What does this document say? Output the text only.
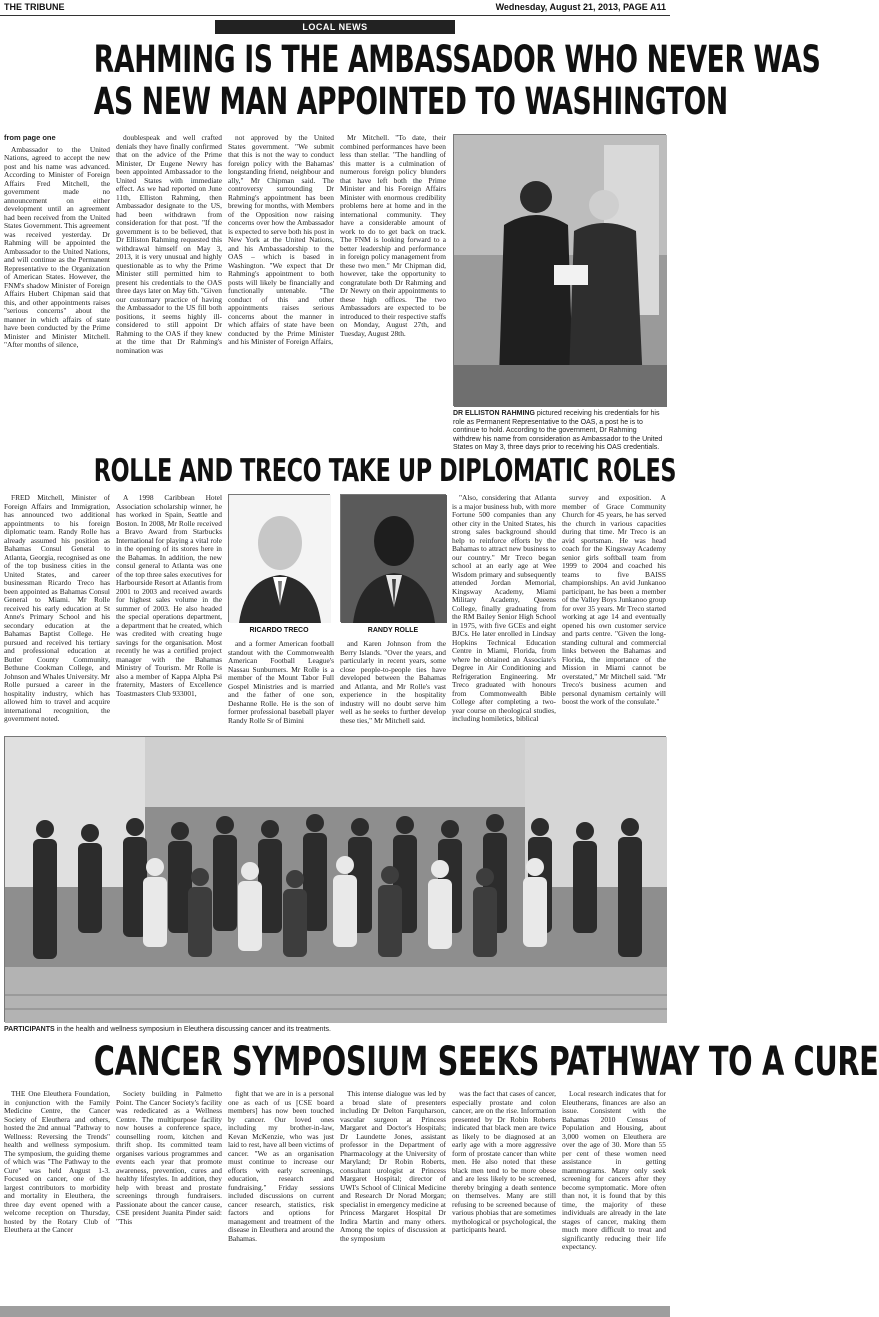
THE TRIBUNE	Wednesday, August 21, 2013, PAGE A11
LOCAL NEWS
RAHMING IS THE AMBASSADOR WHO NEVER WAS
AS NEW MAN APPOINTED TO WASHINGTON

from page one

Ambassador to the United Nations, agreed to accept the new post and his name was advanced. According to Minister of Foreign Affairs Fred Mitchell, the government made no announcement on either development until an agreement had been received from the United States Government. This agreement was received yesterday. Dr Rahming will be appointed the Ambassador to the United Nations, and will continue as the Permanent Representative to the Organization of American States. However, the FNM's shadow Minister of Foreign Affairs Hubert Chipman said that this, and other appointments raises "serious concerns" about the manner in which affairs of state have been conducted by the Prime Minister and Minister Mitchell. "After months of silence,

doublespeak and well crafted denials they have finally confirmed that on the advice of the Prime Minister, Dr Eugene Newry has been appointed Ambassador to the United States with immediate effect. As we had reported on June 11th, Elliston Rahming, then Ambassador designate to the US, had been withdrawn from consideration for that post. "If the government is to be believed, that Dr Elliston Rahming requested this withdrawal himself on May 3, 2013, it is very unusual and highly questionable as to why the Prime Minister still permitted him to present his credentials to the OAS three days later on May 6th. "Given our customary practice of having the Ambassador to the US fill both positions, it seems highly ill-considered to still appoint Dr Rahming to the OAS if they knew at the time that Dr Rahming's nomination was

not approved by the United States government. "We submit that this is not the way to conduct foreign policy with the Bahamas' longstanding friend, neighbour and ally," Mr Chipman said. The controversy surrounding Dr Rahming's appointment has been brewing for months, with Members of the Opposition now raising concerns over how the Ambassador is expected to serve both his post in New York at the United Nations, and his Ambassadorship to the OAS – which is based in Washington. "We expect that Dr Rahming's appointment to both posts will likely be financially and functionally untenable. "The conduct of this and other appointments raises serious concerns about the manner in which affairs of state have been conducted by the Prime Minister and his Minister of Foreign Affairs,

Mr Mitchell. "To date, their combined performances have been less than stellar. "The handling of this matter is a culmination of numerous foreign policy blunders that have left both the Prime Minister and his Foreign Affairs Minister with enormous credibility problems here at home and in the international community. They have a considerable amount of work to do to get back on track. The FNM is looking forward to a better leadership and performance in foreign policy management from these two men." Mr Chipman did, however, take the opportunity to congratulate both Dr Rahming and Dr Newry on their appointments to these high offices. The two Ambassadors are expected to be introduced to their respective staffs on Monday, August 27th, and Tuesday, August 28th.

DR ELLISTON RAHMING pictured receiving his credentials for his role as Permanent Representative to the OAS, a post he is to continue to hold. According to the government, Dr Rahming withdrew his name from consideration as Ambassador to the United States on May 3, three days prior to receiving his OAS credentials.
ROLLE AND TRECO TAKE UP DIPLOMATIC ROLES

FRED Mitchell, Minister of Foreign Affairs and Immigration, has announced two additional appointments to his foreign diplomatic team. Randy Rolle has already assumed his position as Bahamas Consul General to Atlanta, Georgia, recognised as one of the top business cities in the United States, and career businessman Ricardo Treco has been appointed as Bahamas Consul General to Miami. Mr Rolle received his early education at St Anne's Primary School and his secondary education at the Bahamas Baptist College. He pursued and received his tertiary and professional education at Butler County Community, Bethune Cookman College, and Johnson and Whales University. Mr Rolle pursued a career in the hospitality industry, which has allowed him to travel and acquire international recognition, the government noted.

A 1998 Caribbean Hotel Association scholarship winner, he has worked in Spain, Seattle and Boston. In 2008, Mr Rolle received a Bravo Award from Starbucks International for playing a vital role in the opening of its stores here in the Bahamas. In addition, the new consul general to Atlanta was one of the top three sales executives for Harbourside Resort at Atlantis from 2001 to 2003 and received awards for highest sales volume in the summer of 2003. He also headed the special operations department, a department that he created, which was credited with creating huge savings for the organisation. Most recently he was a certified project manager with the Bahamas Ministry of Tourism. Mr Rolle is also a member of Kappa Alpha Psi fraternity, Masters of Excellence Toastmasters Club 933001,

RICARDO TRECO	RANDY ROLLE

and a former American football standout with the Commonwealth American Football League's Nassau Sunburners. Mr Rolle is a member of the Mount Tabor Full Gospel Ministries and is married and the father of one son, Deshanne Rolle. He is the son of former professional baseball player Randy Rolle Sr of Bimini

and Karen Johnson from the Berry Islands. "Over the years, and particularly in recent years, some close people-to-people ties have developed between the Bahamas and Atlanta, and Mr Rolle's vast experience in the hospitality industry will no doubt serve him well as he seeks to further develop these ties," Mr Mitchell said.

"Also, considering that Atlanta is a major business hub, with more Fortune 500 companies than any other city in the United States, his strong sales background should help to reinforce efforts by the Bahamas to attract new business to our country." Mr Treco began school at an early age at Wee Wisdom primary and subsequently attended Jordan Memorial, Kingsway Academy, Miami Military Academy, Queens College, finally graduating from the RM Bailey Senior High School in 1975, with five GCEs and eight BJCs. He later enrolled in Lindsay Hopkins Technical Education Centre in Miami, Florida, from where he obtained an Associate's Degree in Air Conditioning and Refrigeration Engineering. Mr Treco graduated with honours from Commonwealth Bible College after completing a two-year course on theological studies, including homiletics, biblical

survey and exposition. A member of Grace Community Church for 45 years, he has served the church in various capacities during that time. Mr Treco is an avid sportsman. He was head coach for the Kingsway Academy senior girls softball team from 1999 to 2004 and coached his teams to five BAISS championships. An avid Junkanoo participant, he has been a member of the Valley Boys Junkanoo group for over 35 years. Mr Treco started working at age 14 and eventually opened his own customer service and parts centre. "Given the long-standing cultural and commercial links between the Bahamas and Florida, the importance of the Mission in Miami cannot be overstated," Mr Mitchell said. "Mr Treco's business acumen and personal dynamism certainly will boost the work of the consulate."

PARTICIPANTS in the health and wellness symposium in Eleuthera discussing cancer and its treatments.
CANCER SYMPOSIUM SEEKS PATHWAY TO A CURE

THE One Eleuthera Foundation, in conjunction with the Family Medicine Centre, the Cancer Society of Eleuthera and others, hosted the 2nd annual "Pathway to Wellness: Reversing the Trends" health and wellness symposium. The symposium, the guiding theme of which was "The Pathway to the Cure" was held August 1-3. Focused on cancer, one of the largest contributors to morbidity and mortality in Eleuthera, the three day event opened with a welcome reception on Thursday, hosted by the Rotary Club of Eleuthera at the Cancer

Society building in Palmetto Point. The Cancer Society's facility was rededicated as a Wellness Centre. The multipurpose facility now houses a conference space, counselling room, kitchen and thrift shop. Its committed team organises various programmes and events each year that promote awareness, prevention, cures and healthy lifestyles. In addition, they help with breast and prostate screenings through fundraisers. Passionate about the cancer cause, CSE president Juanita Pinder said: "This

fight that we are in is a personal one as each of us [CSE board members] has now been touched by cancer. Our loved ones including my brother-in-law, Kevan McKenzie, who was just laid to rest, have all been victims of cancer. "We as an organisation must continue to increase our efforts with early screenings, education, research and fundraising." Friday sessions included discussions on current cancer research, statistics, risk factors and options for management and treatment of the disease in Eleuthera and around the Bahamas.

This intense dialogue was led by a broad slate of presenters including Dr Delton Farquharson, vascular surgeon at Princess Margaret and Doctor's Hospitals; Dr Laundette Jones, assistant professor in the Department of Pharmacology at the University of Maryland; Dr Robin Roberts, consultant urologist at Princess Margaret Hospital; director of UWI's School of Clinical Medicine and Research Dr Norad Morgan; specialist in emergency medicine at Princess Margaret Hospital Dr Indira Martin and many others. Among the topics of discussion at the symposium

was the fact that cases of cancer, especially prostate and colon cancer, are on the rise. Information presented by Dr Robin Roberts indicated that black men are twice as likely to be diagnosed at an early age with a more aggressive form of prostate cancer than white men. He also noted that these black men tend to be more obese and are less likely to be screened, thereby bringing a death sentence on themselves. Many are still refusing to be screened because of various phobias that are sometimes mythological or psychological, the participants heard.

Local research indicates that for Eleutherans, finances are also an issue. Consistent with the Bahamas 2010 Census of Population and Housing, about 3,000 women on Eleuthera are over the age of 30. More than 55 per cent of these women need assistance in getting mammograms. Many only seek screening for cancers after they become symptomatic. More often than not, it is found that by this time, the majority of these individuals are already in the late stages of cancer, making them much more difficult to treat and significantly reducing their life expectancy.
